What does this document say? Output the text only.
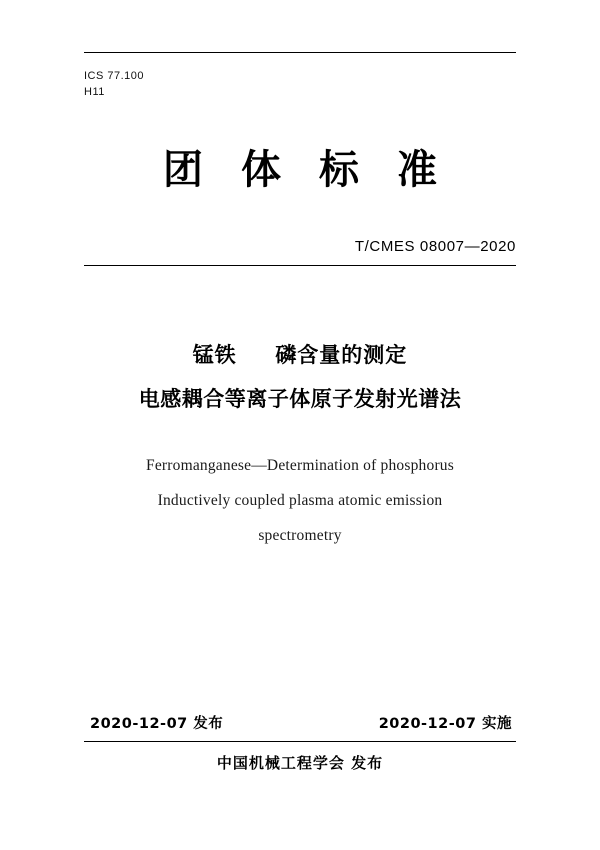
ICS 77.100
H11
团体标准
T/CMES 08007—2020
锰铁 磷含量的测定
电感耦合等离子体原子发射光谱法
Ferromanganese—Determination of phosphorus
Inductively coupled plasma atomic emission
spectrometry
2020-12-07 发布	2020-12-07 实施
中国机械工程学会 发布
